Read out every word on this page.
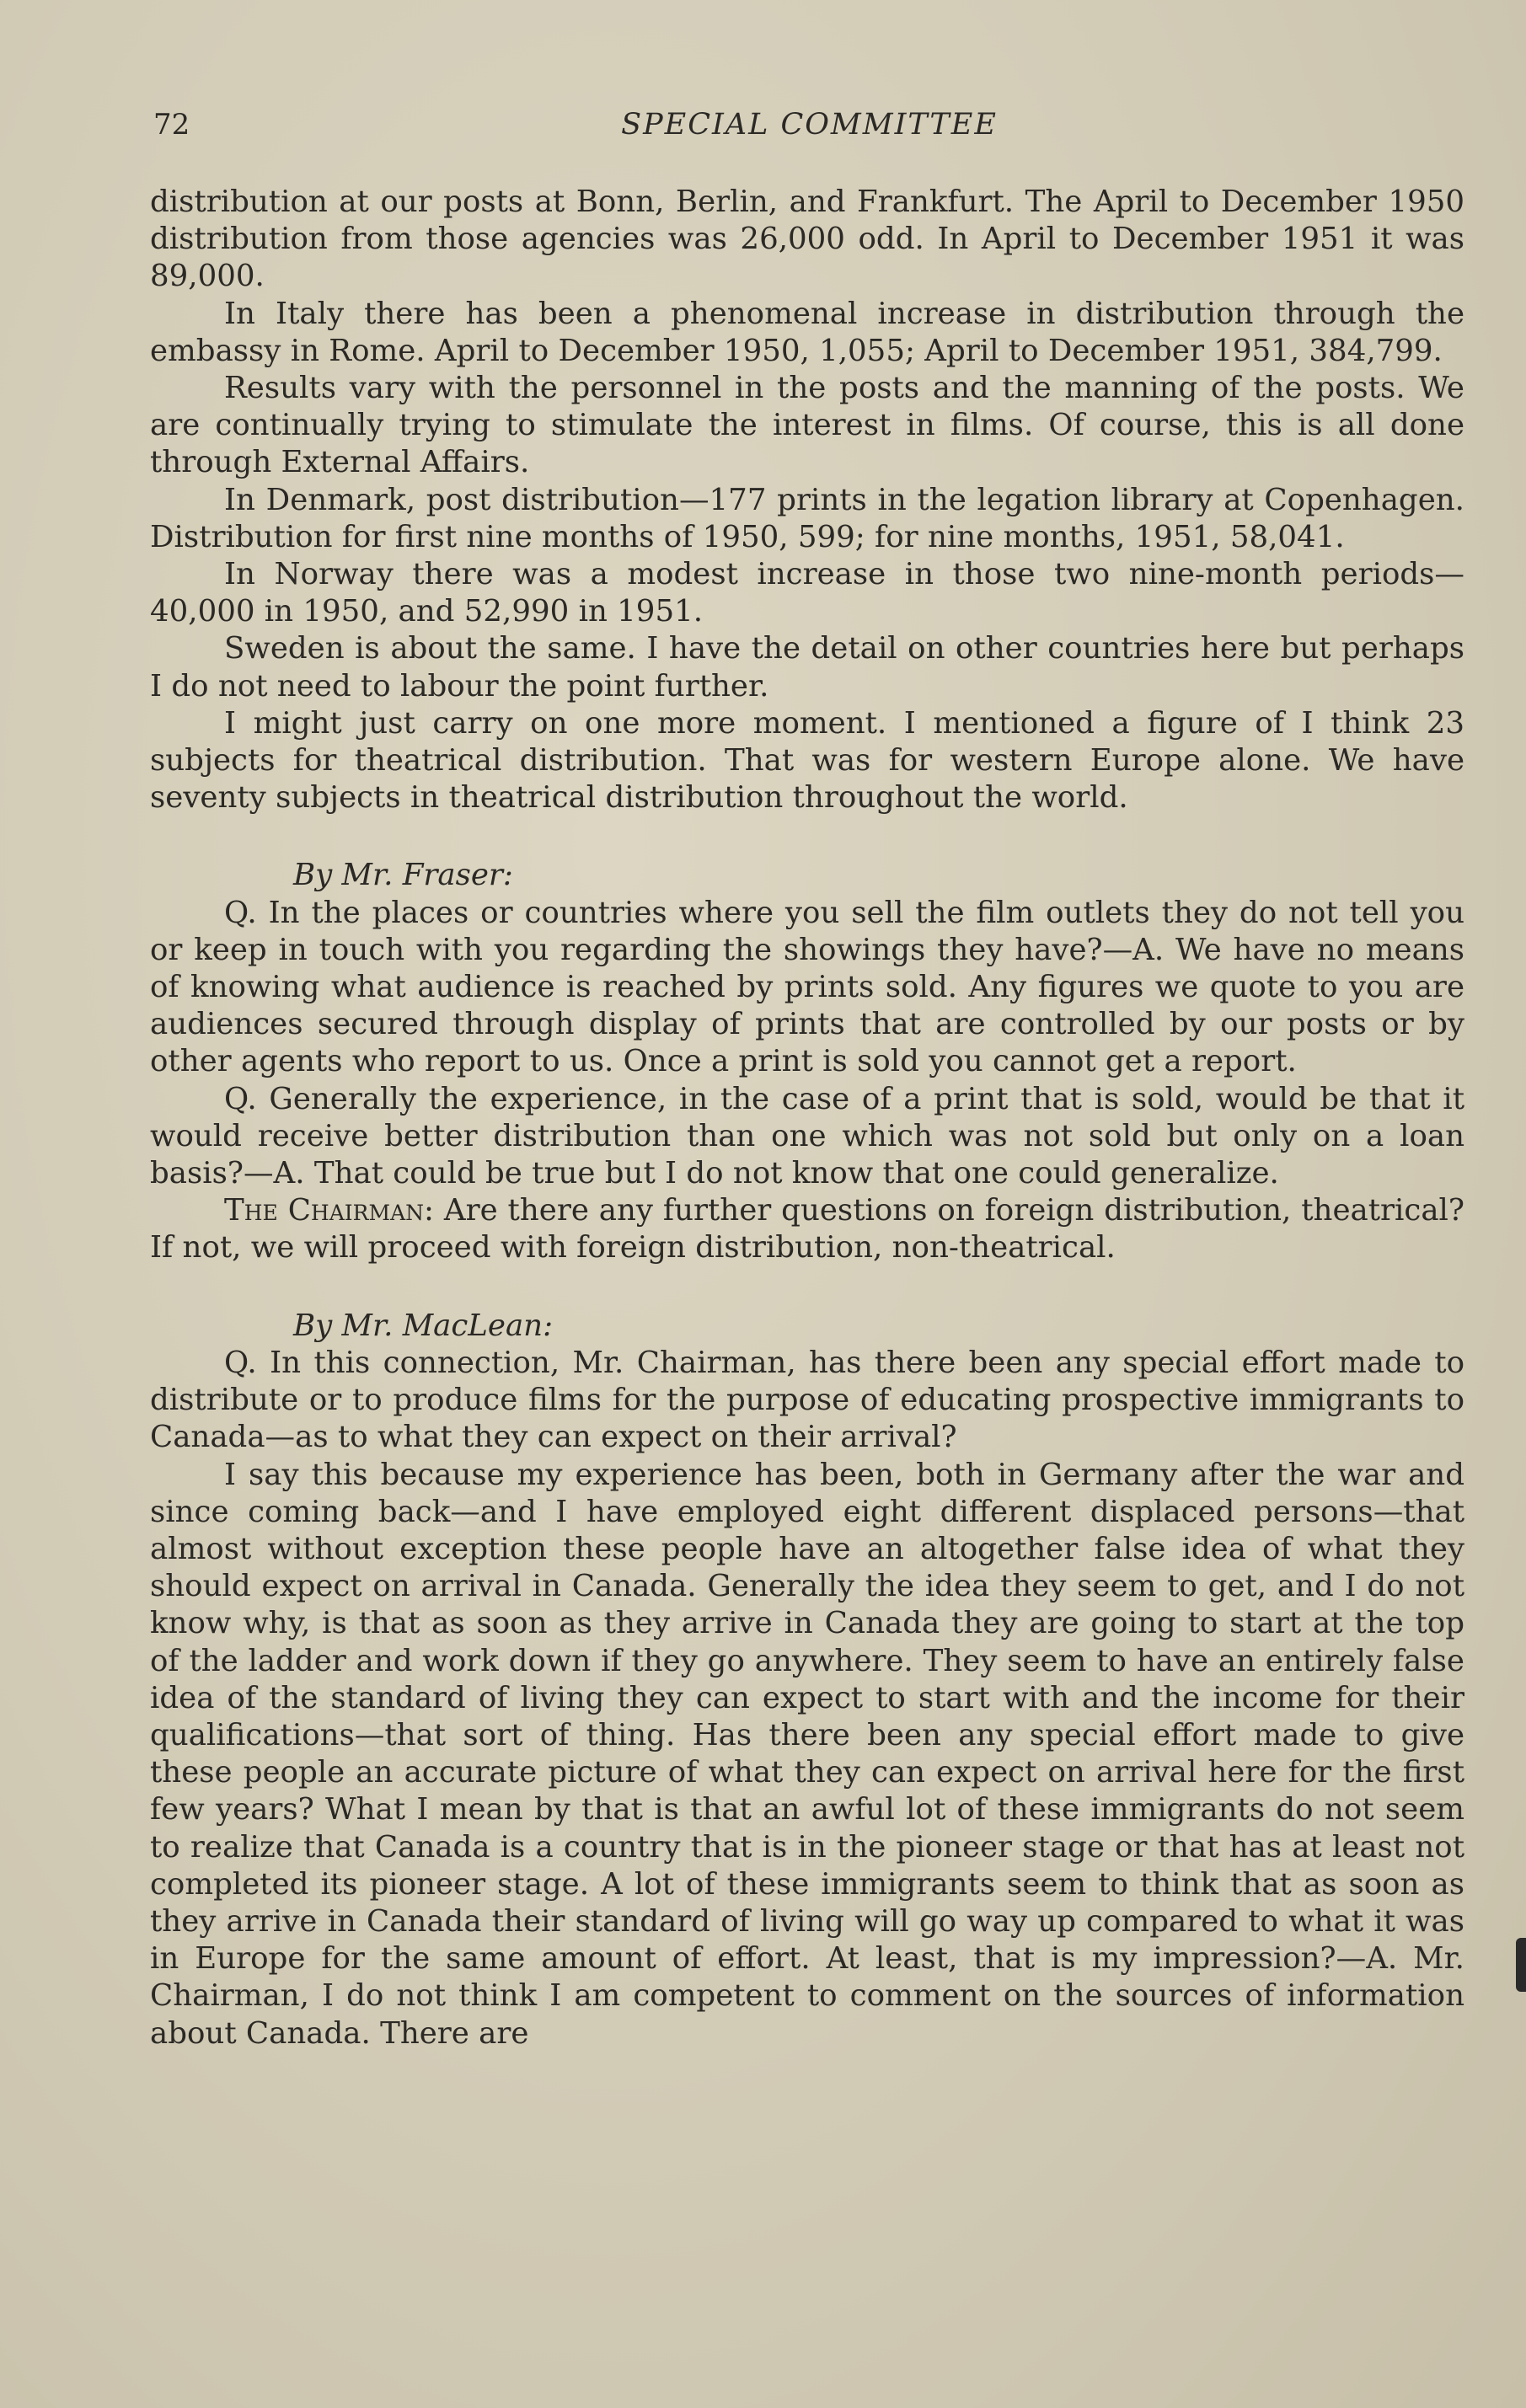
72	SPECIAL COMMITTEE

distribution at our posts at Bonn, Berlin, and Frankfurt. The April to December 1950 distribution from those agencies was 26,000 odd. In April to December 1951 it was 89,000.

In Italy there has been a phenomenal increase in distribution through the embassy in Rome. April to December 1950, 1,055; April to December 1951, 384,799.

Results vary with the personnel in the posts and the manning of the posts. We are continually trying to stimulate the interest in films. Of course, this is all done through External Affairs.

In Denmark, post distribution—177 prints in the legation library at Copenhagen. Distribution for first nine months of 1950, 599; for nine months, 1951, 58,041.

In Norway there was a modest increase in those two nine-month periods—40,000 in 1950, and 52,990 in 1951.

Sweden is about the same. I have the detail on other countries here but perhaps I do not need to labour the point further.

I might just carry on one more moment. I mentioned a figure of I think 23 subjects for theatrical distribution. That was for western Europe alone. We have seventy subjects in theatrical distribution throughout the world.

By Mr. Fraser:

Q. In the places or countries where you sell the film outlets they do not tell you or keep in touch with you regarding the showings they have?—A. We have no means of knowing what audience is reached by prints sold. Any figures we quote to you are audiences secured through display of prints that are controlled by our posts or by other agents who report to us. Once a print is sold you cannot get a report.

Q. Generally the experience, in the case of a print that is sold, would be that it would receive better distribution than one which was not sold but only on a loan basis?—A. That could be true but I do not know that one could generalize.

The Chairman: Are there any further questions on foreign distribution, theatrical? If not, we will proceed with foreign distribution, non-theatrical.

By Mr. MacLean:

Q. In this connection, Mr. Chairman, has there been any special effort made to distribute or to produce films for the purpose of educating prospective immigrants to Canada—as to what they can expect on their arrival?

I say this because my experience has been, both in Germany after the war and since coming back—and I have employed eight different displaced persons—that almost without exception these people have an altogether false idea of what they should expect on arrival in Canada. Generally the idea they seem to get, and I do not know why, is that as soon as they arrive in Canada they are going to start at the top of the ladder and work down if they go anywhere. They seem to have an entirely false idea of the standard of living they can expect to start with and the income for their qualifications—that sort of thing. Has there been any special effort made to give these people an accurate picture of what they can expect on arrival here for the first few years? What I mean by that is that an awful lot of these immigrants do not seem to realize that Canada is a country that is in the pioneer stage or that has at least not completed its pioneer stage. A lot of these immigrants seem to think that as soon as they arrive in Canada their standard of living will go way up compared to what it was in Europe for the same amount of effort. At least, that is my impression?—A. Mr. Chairman, I do not think I am competent to comment on the sources of information about Canada. There are
